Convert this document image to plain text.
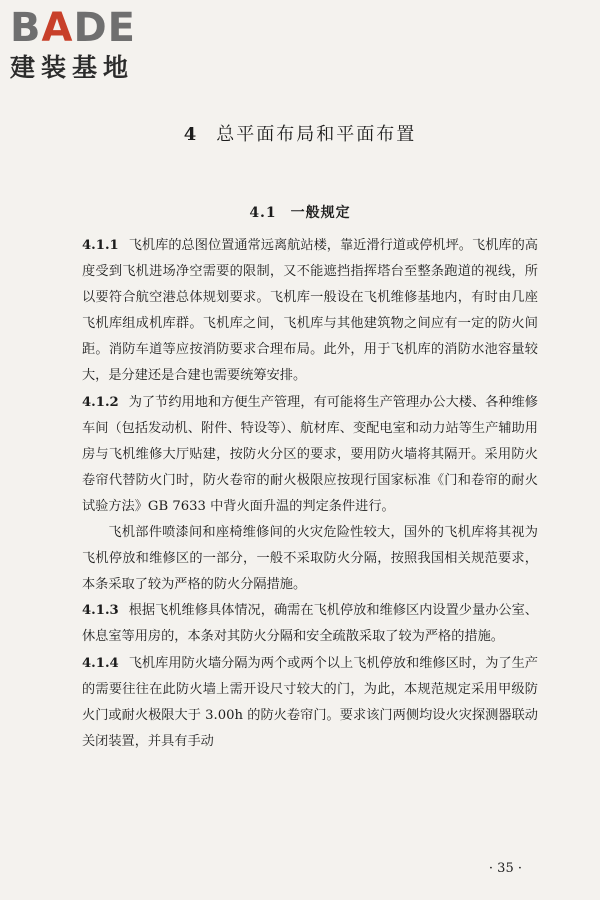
BADE
建装基地
4 总平面布局和平面布置
4.1 一般规定

4.1.1 飞机库的总图位置通常远离航站楼，靠近滑行道或停机坪。飞机库的高度受到飞机进场净空需要的限制，又不能遮挡指挥塔台至整条跑道的视线，所以要符合航空港总体规划要求。飞机库一般设在飞机维修基地内，有时由几座飞机库组成机库群。飞机库之间，飞机库与其他建筑物之间应有一定的防火间距。消防车道等应按消防要求合理布局。此外，用于飞机库的消防水池容量较大，是分建还是合建也需要统筹安排。

4.1.2 为了节约用地和方便生产管理，有可能将生产管理办公大楼、各种维修车间（包括发动机、附件、特设等）、航材库、变配电室和动力站等生产辅助用房与飞机维修大厅贴建，按防火分区的要求，要用防火墙将其隔开。采用防火卷帘代替防火门时，防火卷帘的耐火极限应按现行国家标准《门和卷帘的耐火试验方法》GB 7633 中背火面升温的判定条件进行。

飞机部件喷漆间和座椅维修间的火灾危险性较大，国外的飞机库将其视为飞机停放和维修区的一部分，一般不采取防火分隔，按照我国相关规范要求，本条采取了较为严格的防火分隔措施。

4.1.3 根据飞机维修具体情况，确需在飞机停放和维修区内设置少量办公室、休息室等用房的，本条对其防火分隔和安全疏散采取了较为严格的措施。

4.1.4 飞机库用防火墙分隔为两个或两个以上飞机停放和维修区时，为了生产的需要往往在此防火墙上需开设尺寸较大的门，为此，本规范规定采用甲级防火门或耐火极限大于 3.00h 的防火卷帘门。要求该门两侧均设火灾探测器联动关闭装置，并具有手动

· 35 ·
